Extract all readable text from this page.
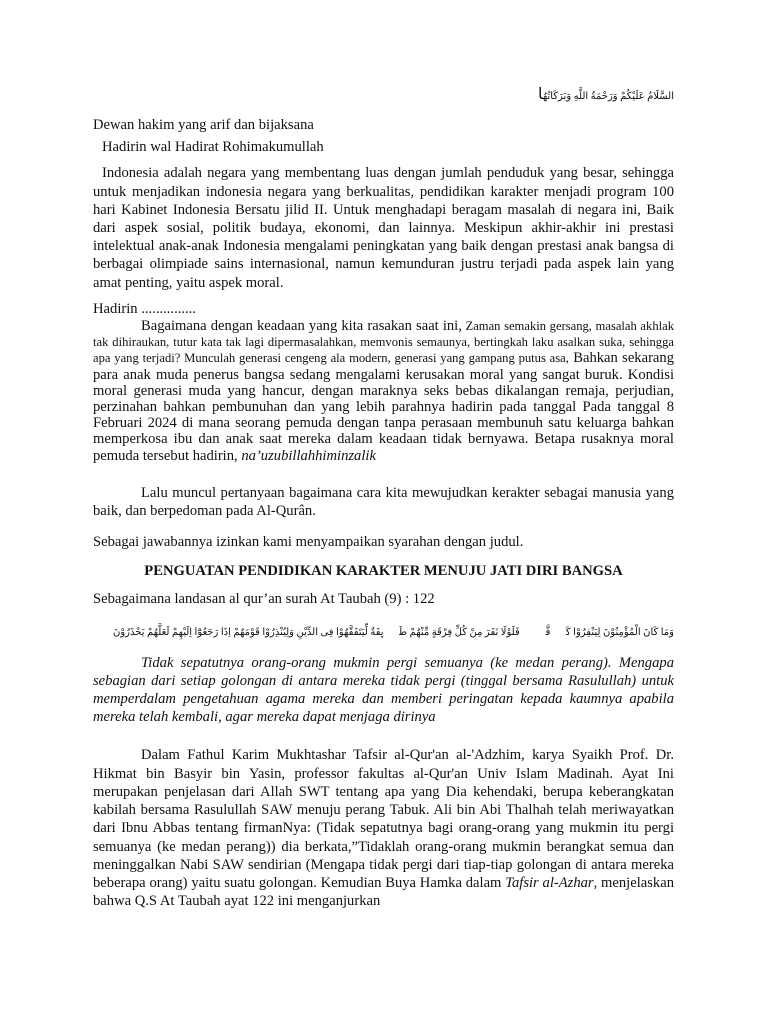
السَّلَامُ عَلَيْكُمْ وَرَحْمَةُ اللَّهِ وَبَرَكَاتُهُا

Dewan hakim yang arif dan bijaksana

Hadirin wal Hadirat Rohimakumullah

Indonesia adalah negara yang membentang luas dengan jumlah penduduk yang besar, sehingga untuk menjadikan indonesia negara yang berkualitas, pendidikan karakter menjadi program 100 hari Kabinet Indonesia Bersatu jilid II. Untuk menghadapi beragam masalah di negara ini, Baik dari aspek sosial, politik budaya, ekonomi, dan lainnya. Meskipun akhir-akhir ini prestasi intelektual anak-anak Indonesia mengalami peningkatan yang baik dengan prestasi anak bangsa di berbagai olimpiade sains internasional, namun kemunduran justru terjadi pada aspek lain yang amat penting, yaitu aspek moral.

Hadirin ...............

Bagaimana dengan keadaan yang kita rasakan saat ini, Zaman semakin gersang, masalah akhlak tak dihiraukan, tutur kata tak lagi dipermasalahkan, memvonis semaunya, bertingkah laku asalkan suka, sehingga apa yang terjadi? Munculah generasi cengeng ala modern, generasi yang gampang putus asa, Bahkan sekarang para anak muda penerus bangsa sedang mengalami kerusakan moral yang sangat buruk. Kondisi moral generasi muda yang hancur, dengan maraknya seks bebas dikalangan remaja, perjudian, perzinahan bahkan pembunuhan dan yang lebih parahnya hadirin pada tanggal Pada tanggal 8 Februari 2024 di mana seorang pemuda dengan tanpa perasaan membunuh satu keluarga bahkan memperkosa ibu dan anak saat mereka dalam keadaan tidak bernyawa. Betapa rusaknya moral pemuda tersebut hadirin, na’uzubillahhiminzalik

Lalu muncul pertanyaan bagaimana cara kita mewujudkan kerakter sebagai manusia yang baik, dan berpedoman pada Al-Qurân.

Sebagai jawabannya izinkan kami menyampaikan syarahan dengan judul.

PENGUATAN PENDIDIKAN KARAKTER MENUJU JATI DIRI BANGSA

Sebagaimana landasan al qur’an surah At Taubah (9) : 122

وَمَا كَانَ الْمُؤْمِنُوْنَ لِيَنْفِرُوْا كَاۤفَّةًۗ فَلَوْلَا نَفَرَ مِنْ كُلِّ فِرْقَةٍ مِّنْهُمْ طَاۤىِٕفَةٌ لِّيَتَفَقَّهُوْا فِى الدِّيْنِ وَلِيُنْذِرُوْا قَوْمَهُمْ اِذَا رَجَعُوْٓا اِلَيْهِمْ لَعَلَّهُمْ يَحْذَرُوْنَ

Tidak sepatutnya orang-orang mukmin pergi semuanya (ke medan perang). Mengapa sebagian dari setiap golongan di antara mereka tidak pergi (tinggal bersama Rasulullah) untuk memperdalam pengetahuan agama mereka dan memberi peringatan kepada kaumnya apabila mereka telah kembali, agar mereka dapat menjaga dirinya

Dalam Fathul Karim Mukhtashar Tafsir al-Qur'an al-'Adzhim, karya Syaikh Prof. Dr. Hikmat bin Basyir bin Yasin, professor fakultas al-Qur'an Univ Islam Madinah. Ayat Ini merupakan penjelasan dari Allah SWT tentang apa yang Dia kehendaki, berupa keberangkatan kabilah bersama Rasulullah SAW menuju perang Tabuk. Ali bin Abi Thalhah telah meriwayatkan dari Ibnu Abbas tentang firmanNya: (Tidak sepatutnya bagi orang-orang yang mukmin itu pergi semuanya (ke medan perang)) dia berkata,”Tidaklah orang-orang mukmin berangkat semua dan meninggalkan Nabi SAW sendirian (Mengapa tidak pergi dari tiap-tiap golongan di antara mereka beberapa orang) yaitu suatu golongan. Kemudian Buya Hamka dalam Tafsir al-Azhar, menjelaskan bahwa Q.S At Taubah ayat 122 ini menganjurkan
